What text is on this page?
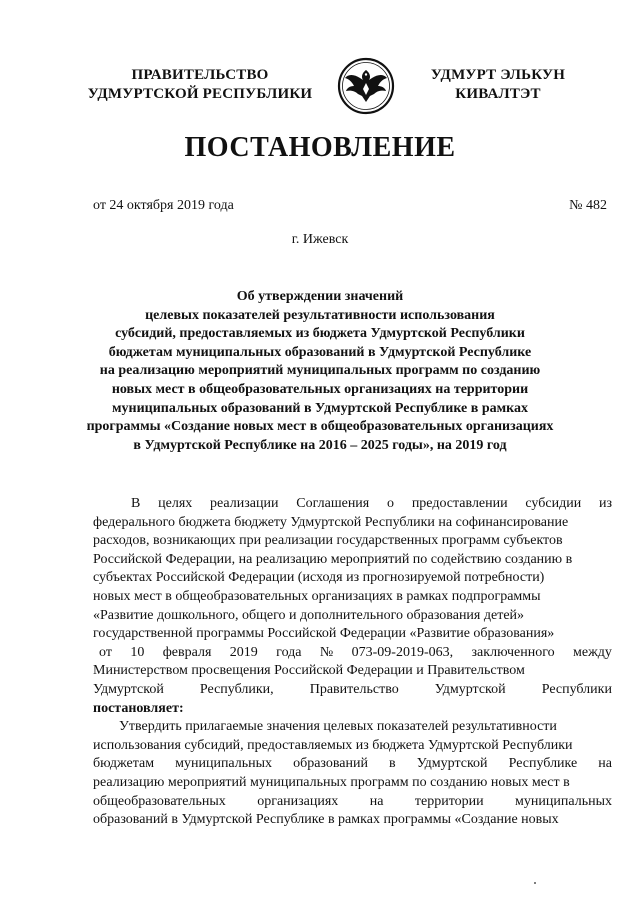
ПРАВИТЕЛЬСТВО
УДМУРТСКОЙ РЕСПУБЛИКИ
УДМУРТ ЭЛЬКУН
КИВАЛТЭТ
ПОСТАНОВЛЕНИЕ
от 24 октября 2019 года	№ 482
г. Ижевск
Об утверждении значений
целевых показателей результативности использования
субсидий, предоставляемых из бюджета Удмуртской Республики
бюджетам муниципальных образований в Удмуртской Республике
на реализацию мероприятий муниципальных программ по созданию
новых мест в общеобразовательных организациях на территории
муниципальных образований в Удмуртской Республике в рамках
программы «Создание новых мест в общеобразовательных организациях
в Удмуртской Республике на 2016 – 2025 годы», на 2019 год
В целях реализации Соглашения о предоставлении субсидии из
федерального бюджета бюджету Удмуртской Республики на софинансирование
расходов, возникающих при реализации государственных программ субъектов
Российской Федерации, на реализацию мероприятий по содействию созданию в
субъектах Российской Федерации (исходя из прогнозируемой потребности)
новых мест в общеобразовательных организациях в рамках подпрограммы
«Развитие дошкольного, общего и дополнительного образования детей»
государственной программы Российской Федерации «Развитие образования»
от 10 февраля 2019 года № 073-09-2019-063, заключенного между
Министерством просвещения Российской Федерации и Правительством
Удмуртской	Республики,	Правительство	Удмуртской	Республики
постановляет:
Утвердить прилагаемые значения целевых показателей результативности
использования субсидий, предоставляемых из бюджета Удмуртской Республики
бюджетам муниципальных образований в Удмуртской Республике на
реализацию мероприятий муниципальных программ по созданию новых мест в
общеобразовательных организациях на территории муниципальных
образований в Удмуртской Республике в рамках программы «Создание новых
